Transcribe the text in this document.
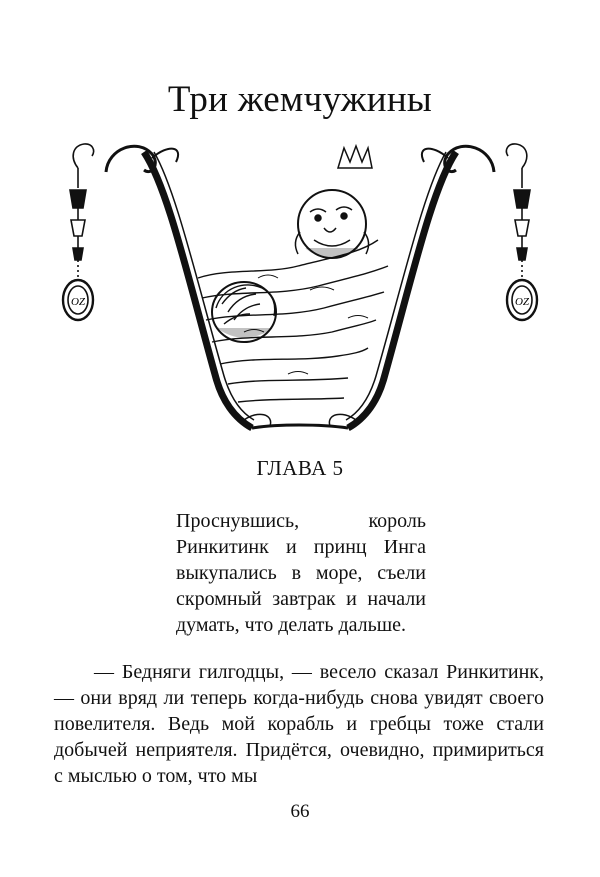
Три жемчужины
OZ	OZ
ГЛАВА 5
Проснувшись, король Ринкитинк и принц Инга выкупались в море, съели скромный завтрак и начали думать, что делать дальше.

— Бедняги гилгодцы, — весело сказал Ринкитинк, — они вряд ли теперь когда-нибудь снова увидят своего повелителя. Ведь мой корабль и гребцы тоже стали добычей неприятеля. Придётся, очевидно, примириться с мыслью о том, что мы

66
